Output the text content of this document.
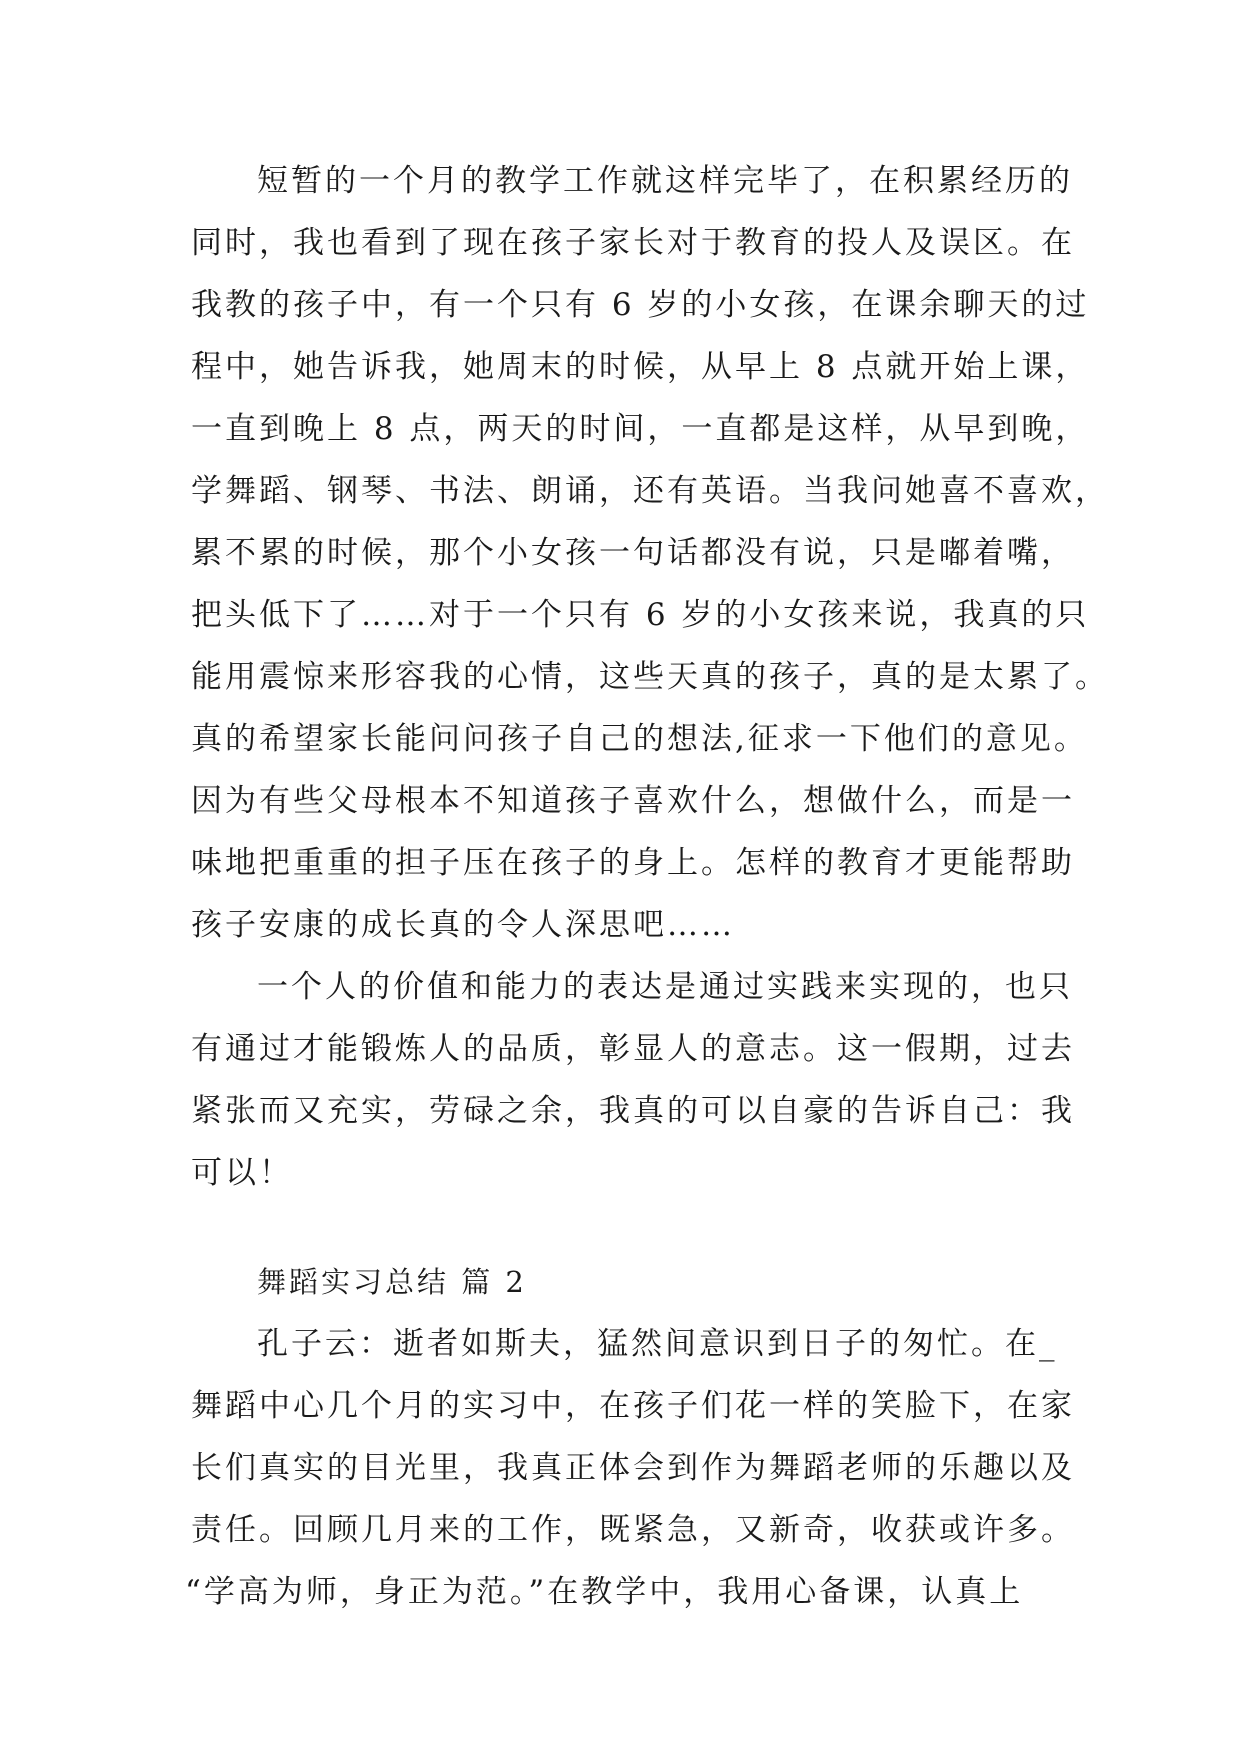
短暂的一个月的教学工作就这样完毕了，在积累经历的
同时，我也看到了现在孩子家长对于教育的投人及误区。在
我教的孩子中，有一个只有 6 岁的小女孩，在课余聊天的过
程中，她告诉我，她周末的时候，从早上 8 点就开始上课，
一直到晚上 8 点，两天的时间，一直都是这样，从早到晚，
学舞蹈、钢琴、书法、朗诵，还有英语。当我问她喜不喜欢，
累不累的时候，那个小女孩一句话都没有说，只是嘟着嘴，
把头低下了……对于一个只有 6 岁的小女孩来说，我真的只
能用震惊来形容我的心情，这些天真的孩子，真的是太累了。
真的希望家长能问问孩子自己的想法,征求一下他们的意见。
因为有些父母根本不知道孩子喜欢什么，想做什么，而是一
味地把重重的担子压在孩子的身上。怎样的教育才更能帮助
孩子安康的成长真的令人深思吧……
一个人的价值和能力的表达是通过实践来实现的，也只
有通过才能锻炼人的品质，彰显人的意志。这一假期，过去
紧张而又充实，劳碌之余，我真的可以自豪的告诉自己：我
可以！
舞蹈实习总结 篇 2
孔子云：逝者如斯夫，猛然间意识到日子的匆忙。在_
舞蹈中心几个月的实习中，在孩子们花一样的笑脸下，在家
长们真实的目光里，我真正体会到作为舞蹈老师的乐趣以及
责任。回顾几月来的工作，既紧急，又新奇，收获或许多。
“学高为师，身正为范。”在教学中，我用心备课，认真上
